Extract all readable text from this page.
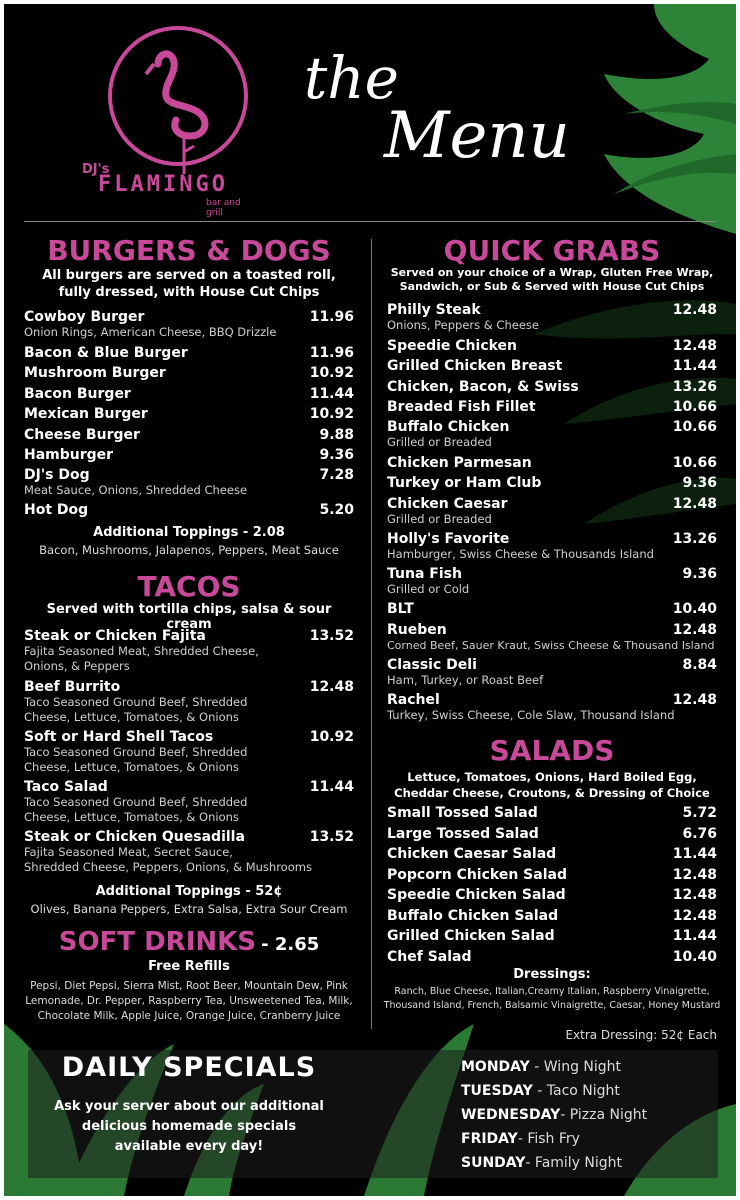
DJ's
FLAMINGO
bar and grill
the
Menu
BURGERS & DOGS
All burgers are served on a toasted roll,
fully dressed, with House Cut Chips
Cowboy Burger	11.96
Onion Rings, American Cheese, BBQ Drizzle
Bacon & Blue Burger	11.96
Mushroom Burger	10.92
Bacon Burger	11.44
Mexican Burger	10.92
Cheese Burger	9.88
Hamburger	9.36
DJ's Dog	7.28
Meat Sauce, Onions, Shredded Cheese
Hot Dog	5.20
Additional Toppings - 2.08
Bacon, Mushrooms, Jalapenos, Peppers, Meat Sauce
TACOS
Served with tortilla chips, salsa & sour cream
Steak or Chicken Fajita	13.52
Fajita Seasoned Meat, Shredded Cheese,
Onions, & Peppers
Beef Burrito	12.48
Taco Seasoned Ground Beef, Shredded
Cheese, Lettuce, Tomatoes, & Onions
Soft or Hard Shell Tacos	10.92
Taco Seasoned Ground Beef, Shredded
Cheese, Lettuce, Tomatoes, & Onions
Taco Salad	11.44
Taco Seasoned Ground Beef, Shredded
Cheese, Lettuce, Tomatoes, & Onions
Steak or Chicken Quesadilla	13.52
Fajita Seasoned Meat, Secret Sauce,
Shredded Cheese, Peppers, Onions, & Mushrooms
Additional Toppings - 52¢
Olives, Banana Peppers, Extra Salsa, Extra Sour Cream
SOFT DRINKS - 2.65
Free Refills
Pepsi, Diet Pepsi, Sierra Mist, Root Beer, Mountain Dew, Pink
Lemonade, Dr. Pepper, Raspberry Tea, Unsweetened Tea, Milk,
Chocolate Milk, Apple Juice, Orange Juice, Cranberry Juice
QUICK GRABS
Served on your choice of a Wrap, Gluten Free Wrap,
Sandwich, or Sub & Served with House Cut Chips
Philly Steak	12.48
Onions, Peppers & Cheese
Speedie Chicken	12.48
Grilled Chicken Breast	11.44
Chicken, Bacon, & Swiss	13.26
Breaded Fish Fillet	10.66
Buffalo Chicken	10.66
Grilled or Breaded
Chicken Parmesan	10.66
Turkey or Ham Club	9.36
Chicken Caesar	12.48
Grilled or Breaded
Holly's Favorite	13.26
Hamburger, Swiss Cheese & Thousands Island
Tuna Fish	9.36
Grilled or Cold
BLT	10.40
Rueben	12.48
Corned Beef, Sauer Kraut, Swiss Cheese & Thousand Island
Classic Deli	8.84
Ham, Turkey, or Roast Beef
Rachel	12.48
Turkey, Swiss Cheese, Cole Slaw, Thousand Island
SALADS
Lettuce, Tomatoes, Onions, Hard Boiled Egg,
Cheddar Cheese, Croutons, & Dressing of Choice
Small Tossed Salad	5.72
Large Tossed Salad	6.76
Chicken Caesar Salad	11.44
Popcorn Chicken Salad	12.48
Speedie Chicken Salad	12.48
Buffalo Chicken Salad	12.48
Grilled Chicken Salad	11.44
Chef Salad	10.40
Dressings:
Ranch, Blue Cheese, Italian,Creamy Italian, Raspberry Vinaigrette,
Thousand Island, French, Balsamic Vinaigrette, Caesar, Honey Mustard
Extra Dressing: 52¢ Each
DAILY SPECIALS
Ask your server about our additional
delicious homemade specials
available every day!
MONDAY - Wing Night
TUESDAY - Taco Night
WEDNESDAY- Pizza Night
FRIDAY- Fish Fry
SUNDAY- Family Night
